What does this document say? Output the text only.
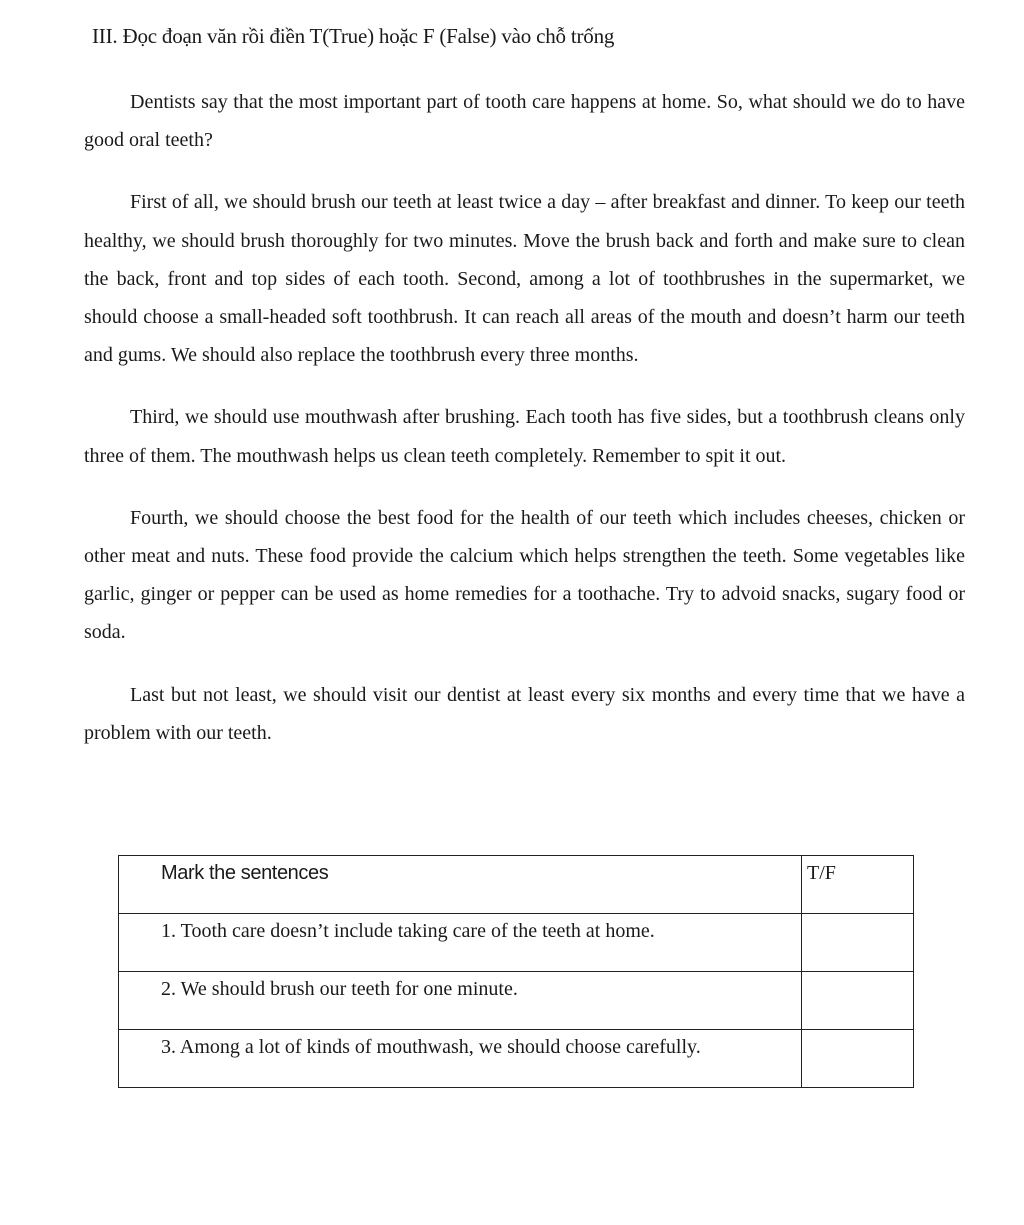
III. Đọc đoạn văn rồi điền T(True) hoặc F (False) vào chỗ trống

Dentists say that the most important part of tooth care happens at home. So, what should we do to have good oral teeth?

First of all, we should brush our teeth at least twice a day – after breakfast and dinner. To keep our teeth healthy, we should brush thoroughly for two minutes. Move the brush back and forth and make sure to clean the back, front and top sides of each tooth. Second, among a lot of toothbrushes in the supermarket, we should choose a small-headed soft toothbrush. It can reach all areas of the mouth and doesn’t harm our teeth and gums. We should also replace the toothbrush every three months.

Third, we should use mouthwash after brushing. Each tooth has five sides, but a toothbrush cleans only three of them. The mouthwash helps us clean teeth completely. Remember to spit it out.

Fourth, we should choose the best food for the health of our teeth which includes cheeses, chicken or other meat and nuts. These food provide the calcium which helps strengthen the teeth. Some vegetables like garlic, ginger or pepper can be used as home remedies for a toothache. Try to advoid snacks, sugary food or soda.

Last but not least, we should visit our dentist at least every six months and every time that we have a problem with our teeth.

Mark the sentences	T/F
1. Tooth care doesn’t include taking care of the teeth at home.	
2. We should brush our teeth for one minute.	
3. Among a lot of kinds of mouthwash, we should choose carefully.	
